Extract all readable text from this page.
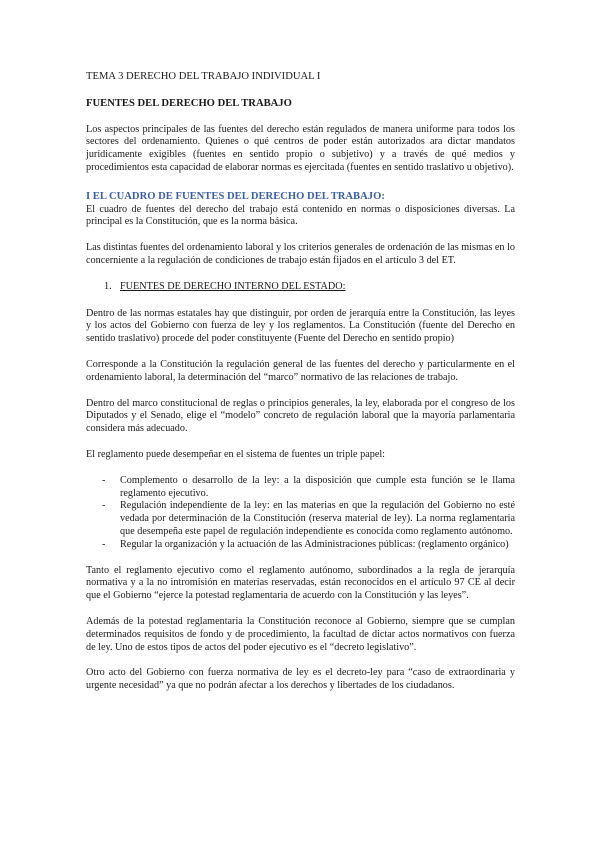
TEMA 3 DERECHO DEL TRABAJO INDIVIDUAL I
FUENTES DEL DERECHO DEL TRABAJO

Los aspectos principales de las fuentes del derecho están regulados de manera uniforme para todos los sectores del ordenamiento. Quienes o qué centros de poder están autorizados ara dictar mandatos jurídicamente exigibles (fuentes en sentido propio o subjetivo) y a través de qué medios y procedimientos esta capacidad de elaborar normas es ejercitada (fuentes en sentido traslativo u objetivo).

I EL CUADRO DE FUENTES DEL DERECHO DEL TRABAJO:

El cuadro de fuentes del derecho del trabajo está contenido en normas o disposiciones diversas. La principal es la Constitución, que es la norma básica.

Las distintas fuentes del ordenamiento laboral y los criterios generales de ordenación de las mismas en lo concerniente a la regulación de condiciones de trabajo están fijados en el artículo 3 del ET.

1. FUENTES DE DERECHO INTERNO DEL ESTADO:

Dentro de las normas estatales hay que distinguir, por orden de jerarquía entre la Constitución, las leyes y los actos del Gobierno con fuerza de ley y los reglamentos. La Constitución (fuente del Derecho en sentido traslativo) procede del poder constituyente (Fuente del Derecho en sentido propio)

Corresponde a la Constitución la regulación general de las fuentes del derecho y particularmente en el ordenamiento laboral, la determinación del “marco” normativo de las relaciones de trabajo.

Dentro del marco constitucional de reglas o principios generales, la ley, elaborada por el congreso de los Diputados y el Senado, elige el “modelo” concreto de regulación laboral que la mayoría parlamentaria considera más adecuado.

El reglamento puede desempeñar en el sistema de fuentes un triple papel:

- Complemento o desarrollo de la ley: a la disposición que cumple esta función se le llama reglamento ejecutivo.
- Regulación independiente de la ley: en las materias en que la regulación del Gobierno no esté vedada por determinación de la Constitución (reserva material de ley). La norma reglamentaria que desempeña este papel de regulación independiente es conocida como reglamento autónomo.
- Regular la organización y la actuación de las Administraciones públicas: (reglamento orgánico)

Tanto el reglamento ejecutivo como el reglamento autónomo, subordinados a la regla de jerarquía normativa y a la no intromisión en materias reservadas, están reconocidos en el artículo 97 CE al decir que el Gobierno “ejerce la potestad reglamentaria de acuerdo con la Constitución y las leyes”.

Además de la potestad reglamentaria la Constitución reconoce al Gobierno, siempre que se cumplan determinados requisitos de fondo y de procedimiento, la facultad de dictar actos normativos con fuerza de ley. Uno de estos tipos de actos del poder ejecutivo es el “decreto legislativo”.

Otro acto del Gobierno con fuerza normativa de ley es el decreto-ley para “caso de extraordinaria y urgente necesidad” ya que no podrán afectar a los derechos y libertades de los ciudadanos.
